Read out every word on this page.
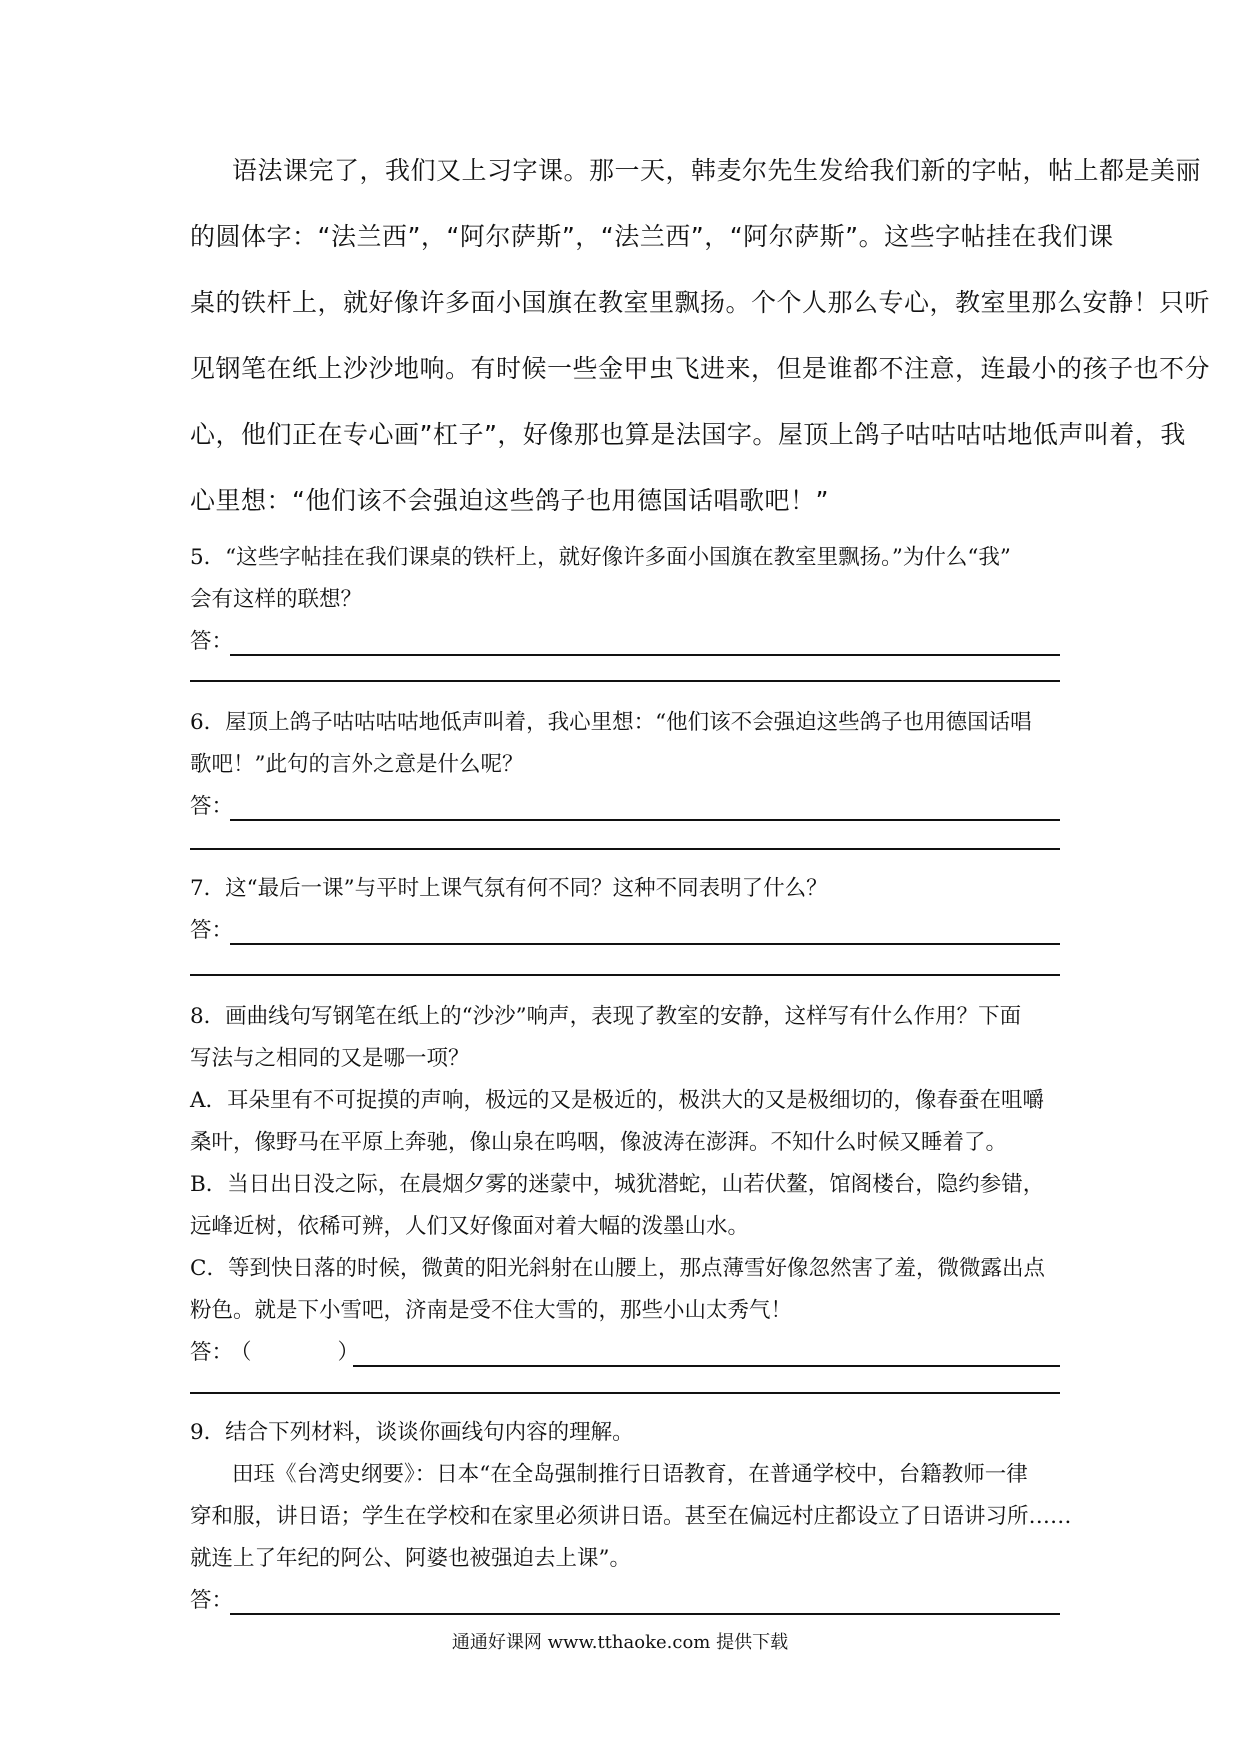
语法课完了，我们又上习字课。那一天，韩麦尔先生发给我们新的字帖，帖上都是美丽
的圆体字：“法兰西”，“阿尔萨斯”，“法兰西”，“阿尔萨斯”。这些字帖挂在我们课
桌的铁杆上，就好像许多面小国旗在教室里飘扬。个个人那么专心，教室里那么安静！只听
见钢笔在纸上沙沙地响。有时候一些金甲虫飞进来，但是谁都不注意，连最小的孩子也不分
心，他们正在专心画”杠子”，好像那也算是法国字。屋顶上鸽子咕咕咕咕地低声叫着，我
心里想：“他们该不会强迫这些鸽子也用德国话唱歌吧！”

5．“这些字帖挂在我们课桌的铁杆上，就好像许多面小国旗在教室里飘扬。”为什么“我”
会有这样的联想？
答：
6．屋顶上鸽子咕咕咕咕地低声叫着，我心里想：“他们该不会强迫这些鸽子也用德国话唱
歌吧！”此句的言外之意是什么呢？
答：
7．这“最后一课”与平时上课气氛有何不同？这种不同表明了什么？
答：
8．画曲线句写钢笔在纸上的“沙沙”响声，表现了教室的安静，这样写有什么作用？下面
写法与之相同的又是哪一项？
A．耳朵里有不可捉摸的声响，极远的又是极近的，极洪大的又是极细切的，像春蚕在咀嚼
桑叶，像野马在平原上奔驰，像山泉在呜咽，像波涛在澎湃。不知什么时候又睡着了。
B．当日出日没之际，在晨烟夕雾的迷蒙中，城犹潜蛇，山若伏鳌，馆阁楼台，隐约参错，
远峰近树，依稀可辨，人们又好像面对着大幅的泼墨山水。
C．等到快日落的时候，微黄的阳光斜射在山腰上，那点薄雪好像忽然害了羞，微微露出点
粉色。就是下小雪吧，济南是受不住大雪的，那些小山太秀气！
答：
（　　　　）
9．结合下列材料，谈谈你画线句内容的理解。
田珏《台湾史纲要》：日本“在全岛强制推行日语教育，在普通学校中，台籍教师一律
穿和服，讲日语；学生在学校和在家里必须讲日语。甚至在偏远村庄都设立了日语讲习所……
就连上了年纪的阿公、阿婆也被强迫去上课”。
答：
通通好课网 www.tthaoke.com 提供下载
